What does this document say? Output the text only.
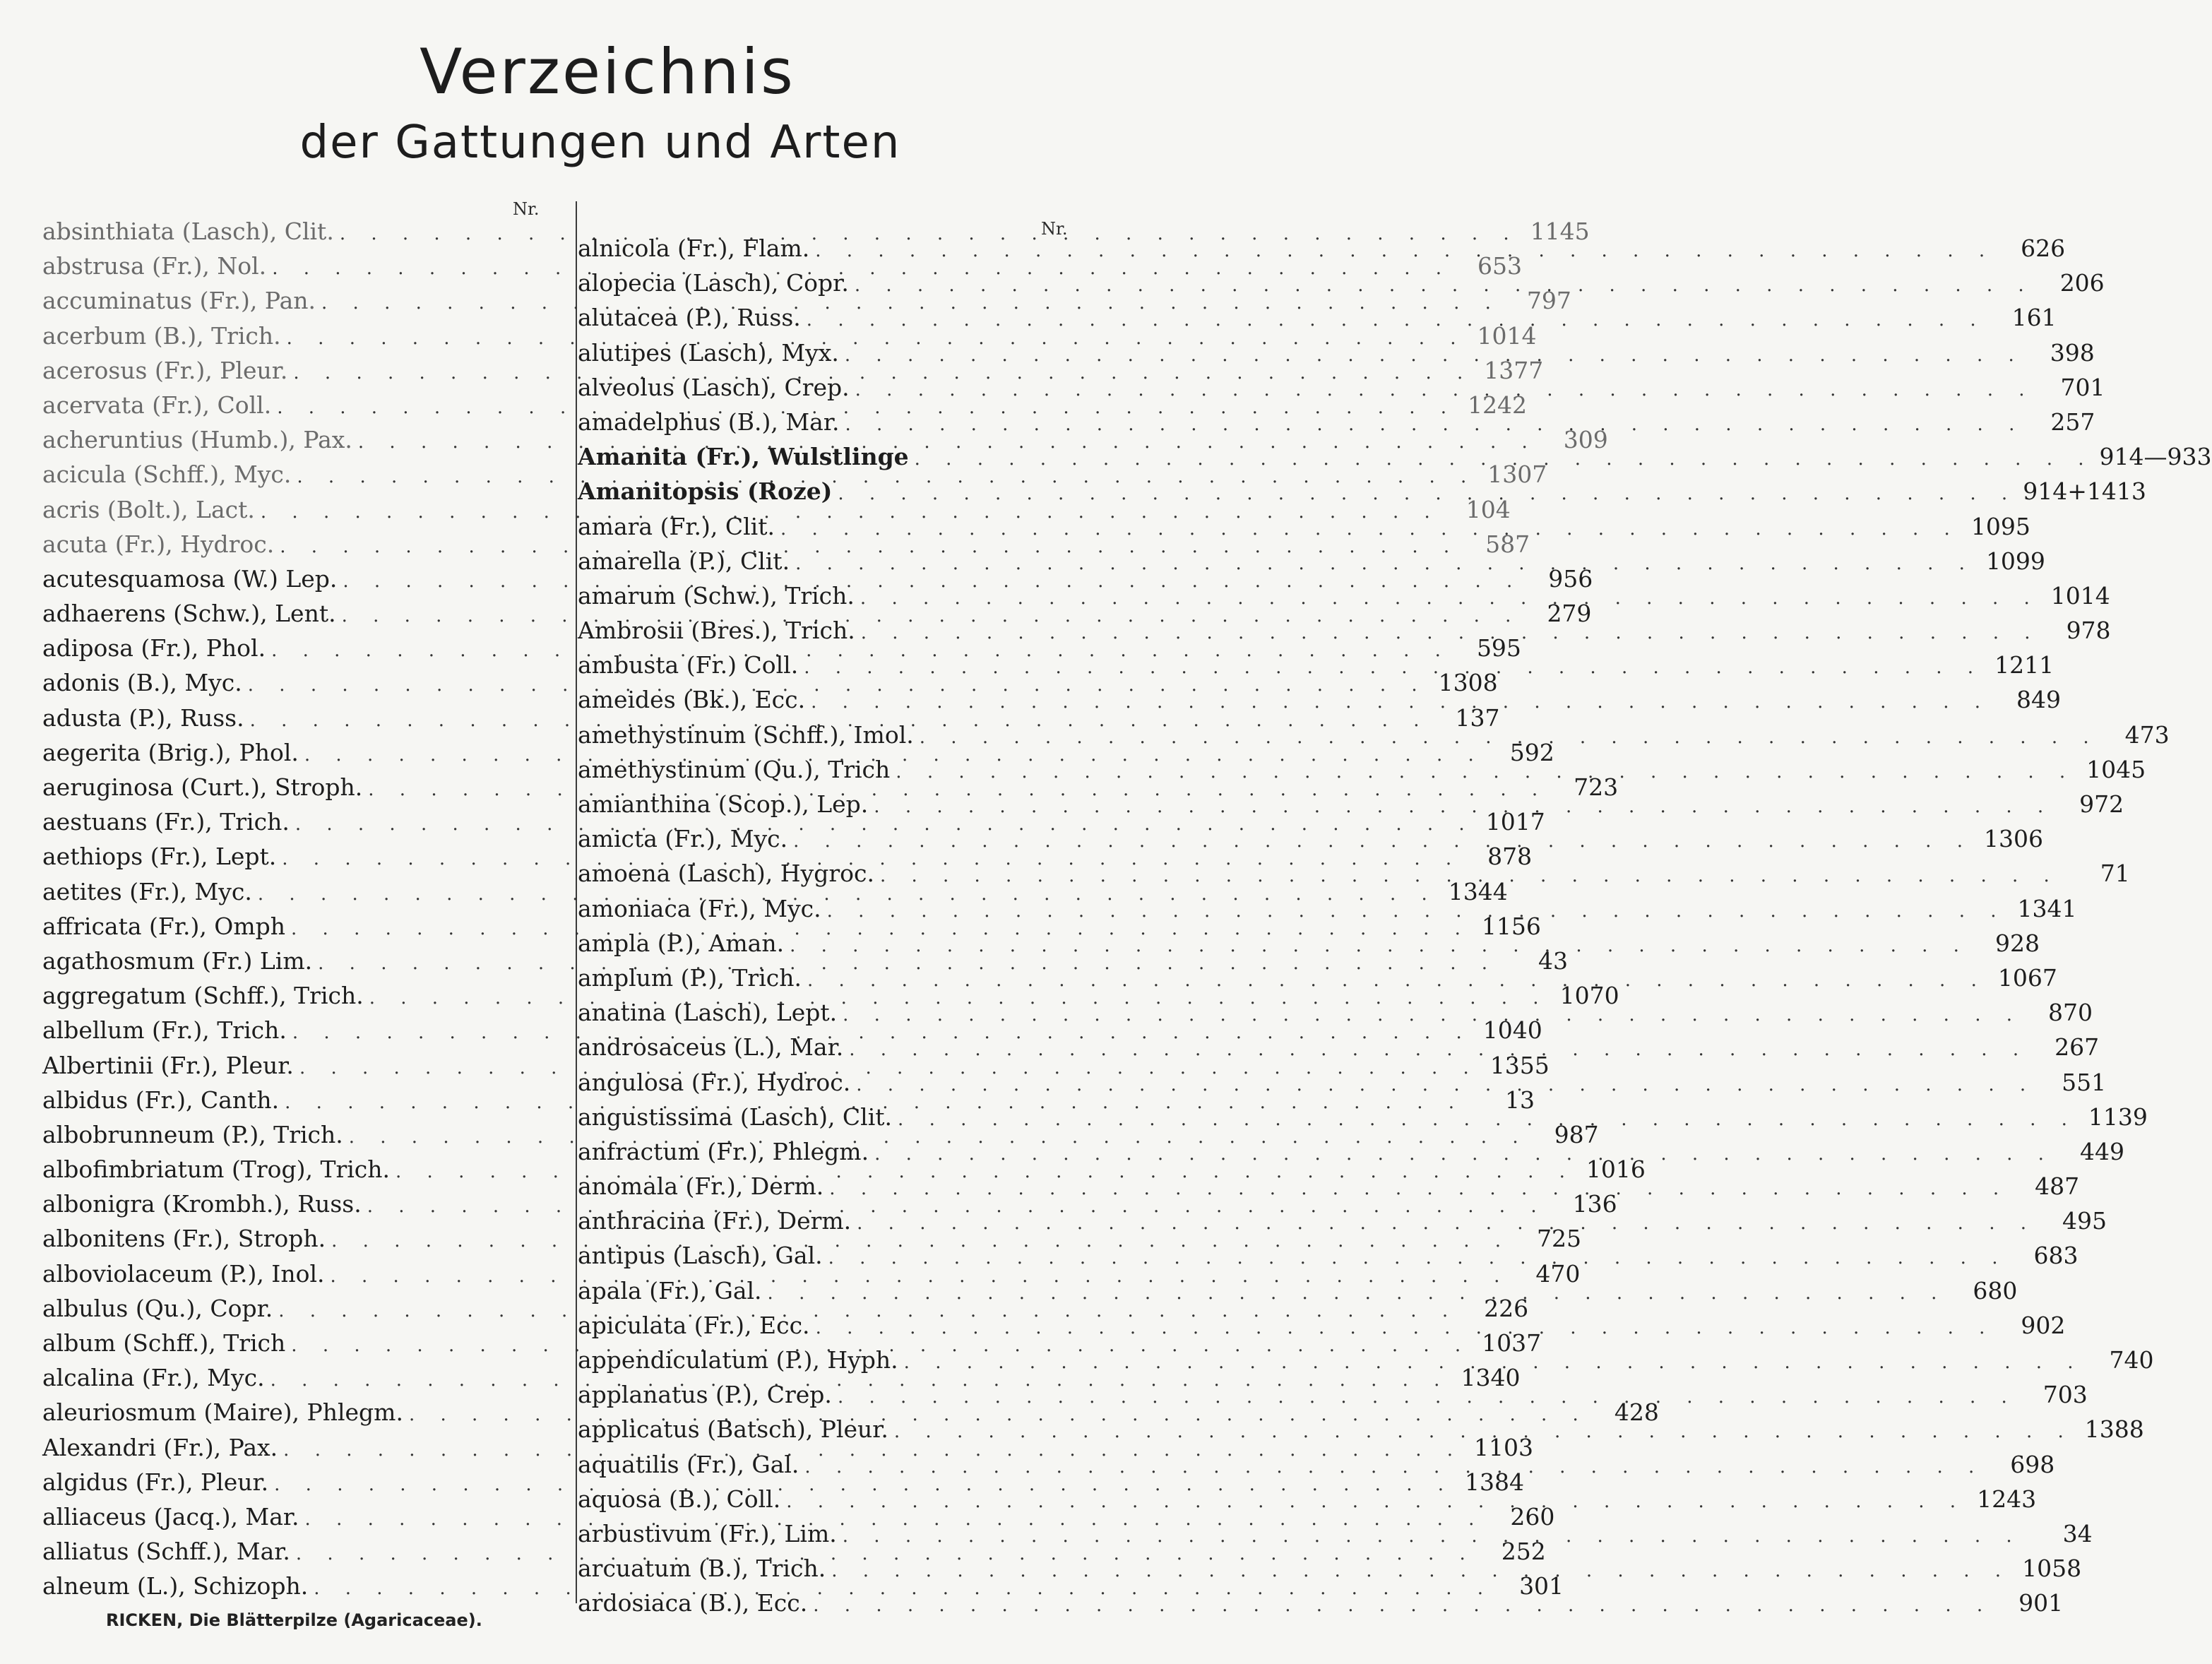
Verzeichnis
der Gattungen und Arten
Nr.
Nr.
absinthiata (Lasch), Clit. . . .	1145
abstrusa (Fr.), Nol. . . .	653
accuminatus (Fr.), Pan. . . .	797
acerbum (B.), Trich. . . .	1014
acerosus (Fr.), Pleur. . . .	1377
acervata (Fr.), Coll. . . .	1242
acheruntius (Humb.), Pax. . . .	309
acicula (Schff.), Myc. . . .	1307
acris (Bolt.), Lact. . . .	104
acuta (Fr.), Hydroc. . . .	587
acutesquamosa (W.) Lep. . . .	956
adhaerens (Schw.), Lent. . . .	279
adiposa (Fr.), Phol. . . .	595
adonis (B.), Myc. . . .	1308
adusta (P.), Russ. . . .	137
aegerita (Brig.), Phol. . . .	592
aeruginosa (Curt.), Stroph. . . .	723
aestuans (Fr.), Trich. . . .	1017
aethiops (Fr.), Lept. . . .	878
aetites (Fr.), Myc. . . .	1344
affricata (Fr.), Omph . . .	1156
agathosmum (Fr.) Lim. . . .	43
aggregatum (Schff.), Trich. . . .	1070
albellum (Fr.), Trich. . . .	1040
Albertinii (Fr.), Pleur. . . .	1355
albidus (Fr.), Canth. . . .	13
albobrunneum (P.), Trich. . . .	987
albofimbriatum (Trog), Trich. . . .	1016
albonigra (Krombh.), Russ. . . .	136
albonitens (Fr.), Stroph. . . .	725
alboviolaceum (P.), Inol. . . .	470
albulus (Qu.), Copr. . . .	226
album (Schff.), Trich . . .	1037
alcalina (Fr.), Myc. . . .	1340
aleuriosmum (Maire), Phlegm. . . .	428
Alexandri (Fr.), Pax. . . .	1103
algidus (Fr.), Pleur. . . .	1384
alliaceus (Jacq.), Mar. . . .	260
alliatus (Schff.), Mar. . . .	252
alneum (L.), Schizoph. . . .	301
alnicola (Fr.), Flam. . . .	626
alopecia (Lasch), Copr. . . .	206
alutacea (P.), Russ. . . .	161
alutipes (Lasch), Myx. . . .	398
alveolus (Lasch), Crep. . . .	701
amadelphus (B.), Mar. . . .	257
Amanita (Fr.), Wulstlinge . . .	914—933
Amanitopsis (Roze) . . .	914+1413
amara (Fr.), Clit. . . .	1095
amarella (P.), Clit. . . .	1099
amarum (Schw.), Trich. . . .	1014
Ambrosii (Bres.), Trich. . . .	978
ambusta (Fr.) Coll. . . .	1211
ameides (Bk.), Ecc. . . .	849
amethystinum (Schff.), Imol. . . .	473
amethystinum (Qu.), Trich . . .	1045
amianthina (Scop.), Lep. . . .	972
amicta (Fr.), Myc. . . .	1306
amoena (Lasch), Hygroc. . . .	71
amoniaca (Fr.), Myc. . . .	1341
ampla (P.), Aman. . . .	928
amplum (P.), Trich. . . .	1067
anatina (Lasch), Lept. . . .	870
androsaceus (L.), Mar. . . .	267
angulosa (Fr.), Hydroc. . . .	551
angustissima (Lasch), Clit. . . .	1139
anfractum (Fr.), Phlegm. . . .	449
anomala (Fr.), Derm. . . .	487
anthracina (Fr.), Derm. . . .	495
antipus (Lasch), Gal. . . .	683
apala (Fr.), Gal. . . .	680
apiculata (Fr.), Ecc. . . .	902
appendiculatum (P.), Hyph. . . .	740
applanatus (P.), Crep. . . .	703
applicatus (Batsch), Pleur. . . .	1388
aquatilis (Fr.), Gal. . . .	698
aquosa (B.), Coll. . . .	1243
arbustivum (Fr.), Lim. . . .	34
arcuatum (B.), Trich. . . .	1058
ardosiaca (B.), Ecc. . . .	901
RICKEN, Die Blätterpilze (Agaricaceae).
